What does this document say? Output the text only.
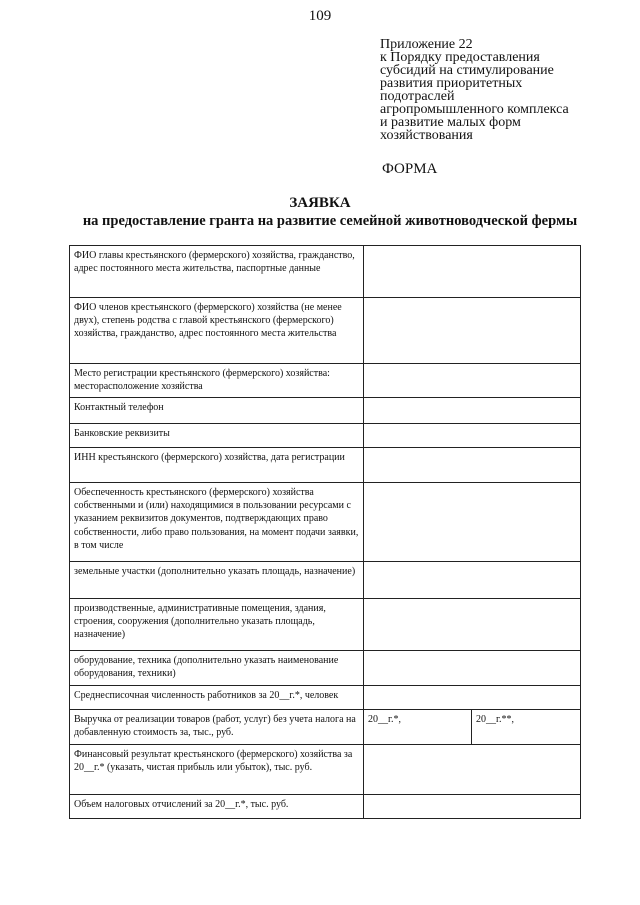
109
Приложение 22
к Порядку предоставления
субсидий на стимулирование
развития приоритетных
подотраслей
агропромышленного комплекса
и развитие малых форм
хозяйствования
ФОРМА
ЗАЯВКА
на предоставление гранта на развитие семейной животноводческой фермы
ФИО главы крестьянского (фермерского) хозяйства, гражданство, адрес постоянного места жительства, паспортные данные		
ФИО членов крестьянского (фермерского) хозяйства (не менее двух), степень родства с главой крестьянского (фермерского) хозяйства, гражданство, адрес постоянного места жительства		
Место регистрации крестьянского (фермерского) хозяйства: месторасположение хозяйства		
Контактный телефон		
Банковские реквизиты		
ИНН крестьянского (фермерского) хозяйства, дата регистрации		
Обеспеченность крестьянского (фермерского) хозяйства собственными и (или) находящимися в пользовании ресурсами с указанием реквизитов документов, подтверждающих право собственности, либо право пользования, на момент подачи заявки, в том числе		
земельные участки (дополнительно указать площадь, назначение)		
производственные, административные помещения, здания, строения, сооружения (дополнительно указать площадь, назначение)		
оборудование, техника (дополнительно указать наименование оборудования, техники)		
Среднесписочная численность работников за 20__г.*, человек		
Выручка от реализации товаров (работ, услуг) без учета налога на добавленную стоимость за, тыс., руб.	20__г.*,	20__г.**,
Финансовый результат крестьянского (фермерского) хозяйства за 20__г.* (указать, чистая прибыль или убыток), тыс. руб.		
Объем налоговых отчислений за 20__г.*, тыс. руб.		
